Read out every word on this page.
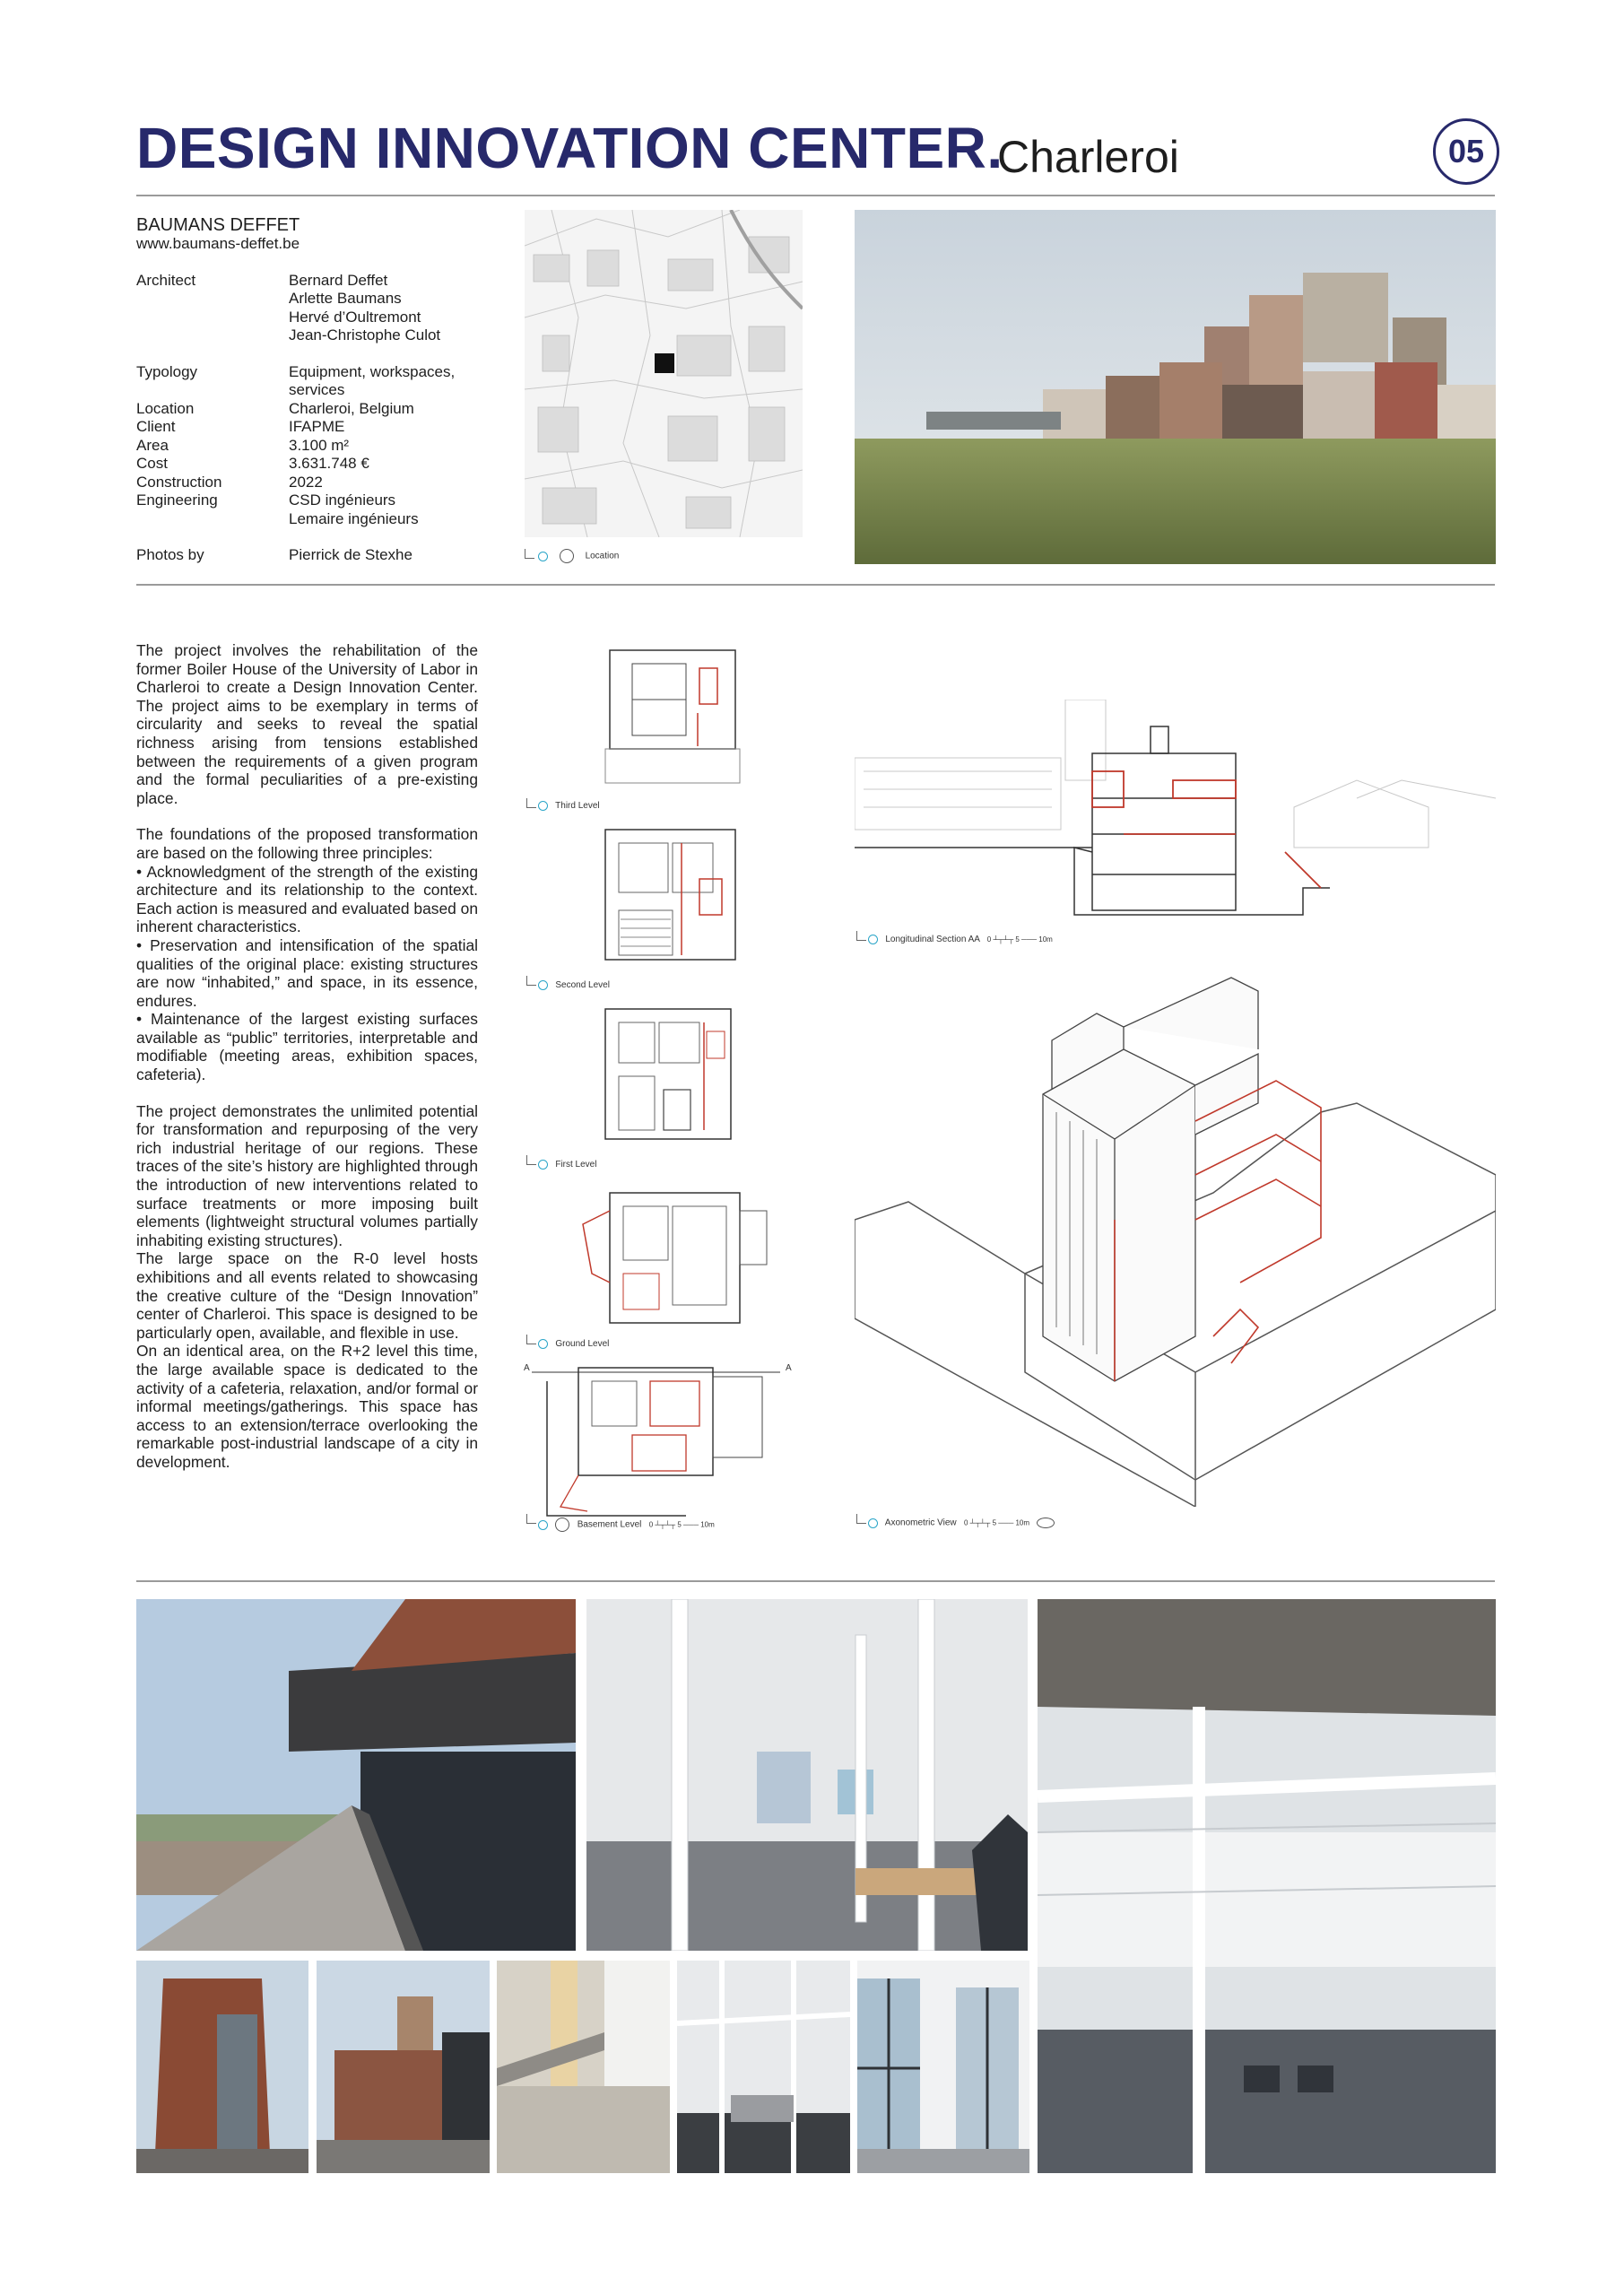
DESIGN INNOVATION CENTER.
Charleroi	05
BAUMANS DEFFET
www.baumans-deffet.be
Architect	Bernard Deffet
Arlette Baumans
Hervé d’Oultremont
Jean-Christophe Culot
Typology	Equipment, workspaces, services
Location	Charleroi, Belgium
Client	IFAPME
Area	3.100 m²
Cost	3.631.748 €
Construction	2022
Engineering	CSD ingénieurs
Lemaire ingénieurs
Photos by	Pierrick de Stexhe	Location

The project involves the rehabilitation of the former Boiler House of the University of Labor in Charleroi to create a Design Innovation Center. The project aims to be exemplary in terms of circularity and seeks to reveal the spatial richness arising from tensions established between the requirements of a given program and the formal peculiarities of a pre-existing place.

The foundations of the proposed transformation are based on the following three principles:

• Acknowledgment of the strength of the existing architecture and its relationship to the context. Each action is measured and evaluated based on inherent characteristics.

• Preservation and intensification of the spatial qualities of the original place: existing structures are now “inhabited,” and space, in its essence, endures.

• Maintenance of the largest existing surfaces available as “public” territories, interpretable and modifiable (meeting areas, exhibition spaces, cafeteria).

The project demonstrates the unlimited potential for transformation and repurposing of the very rich industrial heritage of our regions. These traces of the site’s history are highlighted through the introduction of new interventions related to surface treatments or more imposing built elements (lightweight structural volumes partially inhabiting existing structures).

The large space on the R-0 level hosts exhibitions and all events related to showcasing the creative culture of the “Design Innovation” center of Charleroi. This space is designed to be particularly open, available, and flexible in use.

On an identical area, on the R+2 level this time, the large available space is dedicated to the activity of a cafeteria, relaxation, and/or formal or informal meetings/gatherings. This space has access to an extension/terrace overlooking the remarkable post-industrial landscape of a city in development.

Third Level
Second Level
First Level
Ground Level
A	A
Basement Level 0 ┴┬┴┬ 5 ─── 10m
Longitudinal Section AA 0 ┴┬┴┬ 5 ─── 10m
Axonometric View 0 ┴┬┴┬ 5 ─── 10m
